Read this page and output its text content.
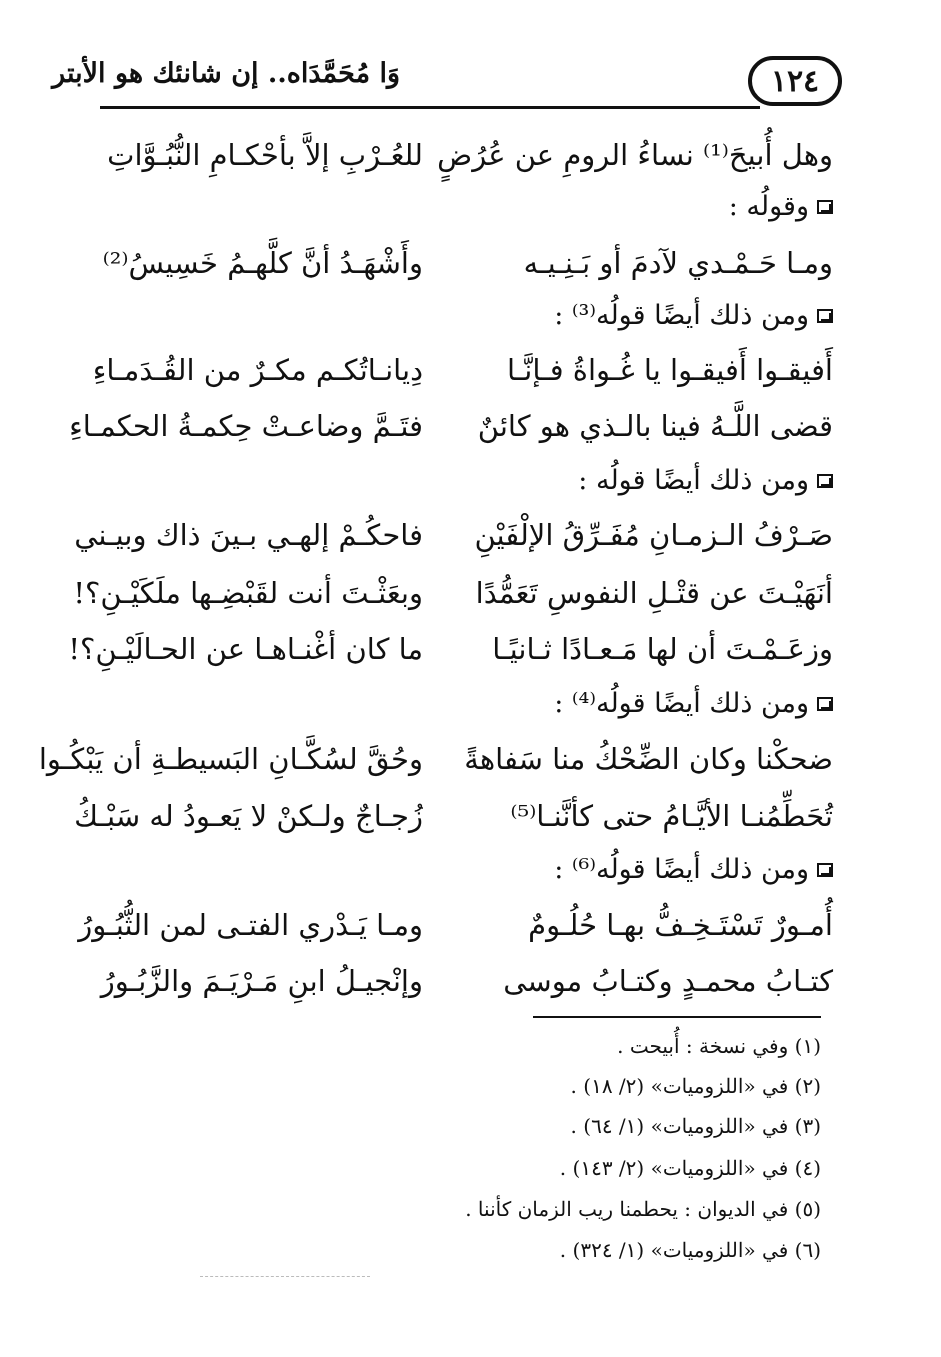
١٢٤
وَا مُحَمَّدَاه.. إن شانئك هو الأبتر
وهل أُبيحَ⁽¹⁾ نساءُ الرومِ عن عُرُضٍ
للعُـرْبِ إلاَّ بأحْكـامِ النُّبُـوَّاتِ
وقولُه :
ومـا حَـمْـدي لآدمَ أو بَـنِـيـه
وأَشْهَـدُ أنَّ كلَّهـمُ خَسِيسُ⁽²⁾
ومن ذلك أيضًا قولُه⁽³⁾ :
أَفيقـوا أَفيقـوا يا غُـواةُ فـإنَّـا
دِيانـاتُكـم مكـرٌ من القُـدَمـاءِ
قضى اللَّـهُ فينا بالـذي هو كائنٌ
فتَـمَّ وضاعـتْ حِكمـةُ الحكمـاءِ
ومن ذلك أيضًا قولُه :
صَـرْفُ الـزمـانِ مُفَـرِّقُ الإلْفَيْنِ
فاحكُـمْ إلهـي بـينَ ذاك وبيـني
أنَهَيْـتَ عن قتْـلِ النفوسِ تَعَمُّدًا
وبعَثْـتَ أنت لقَبْضِـها ملَكَيْـنِ؟!
وزعَـمْـتَ أن لها مَـعـادًا ثـانيًـا
ما كان أغْنـاهـا عن الحـالَيْـنِ؟!
ومن ذلك أيضًا قولُه⁽⁴⁾ :
ضحكْنا وكان الضِّحْكُ منا سَفاهةً
وحُقَّ لسُكَّـانِ البَسيطـةِ أن يَبْكُـوا
تُحَطِّمُنـا الأيَّـامُ حتى كأنَّنـا⁽⁵⁾
زُجـاجٌ ولـكنْ لا يَعـودُ له سَبْـكُ
ومن ذلك أيضًا قولُه⁽⁶⁾ :
أُمـورٌ تَسْتَـخِـفُّ بهـا حُلُـومٌ
ومـا يَـدْري الفتـى لمن الثُّبُـورُ
كتـابُ محمـدٍ وكتـابُ موسى
وإنْجيـلُ ابنِ مَـرْيَـمَ والزَّبُـورُ
(١) وفي نسخة : أُبيحت .
(٢) في «اللزوميات» (٢/ ١٨) .
(٣) في «اللزوميات» (١/ ٦٤) .
(٤) في «اللزوميات» (٢/ ١٤٣) .
(٥) في الديوان : يحطمنا ريب الزمان كأننا .
(٦) في «اللزوميات» (١/ ٣٢٤) .
